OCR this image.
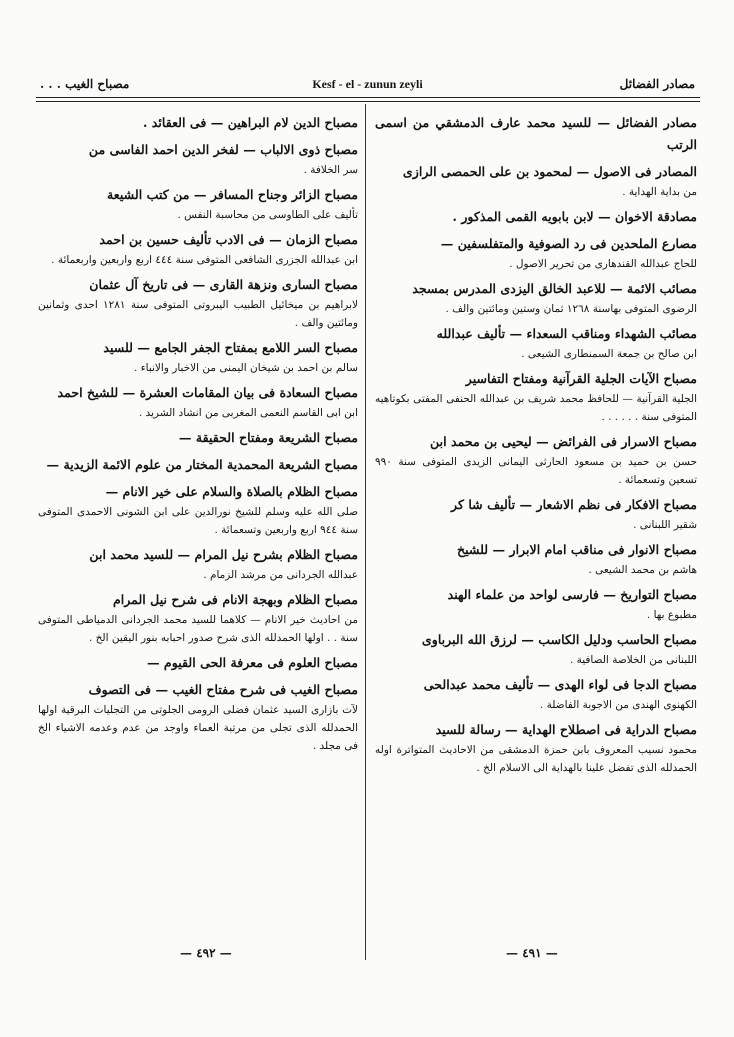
مصباح الغيب . . .	Kesf - el - zunun zeyli	مصادر الفضائل
مصادر الفضائل — للسيد محمد عارف الدمشقي من اسمى الرتب
المصادر فى الاصول — لمحمود بن على الحمصى الرازى
من بداية الهداية .
مصادقة الاخوان — لابن بابويه القمى المذكور .
مصارع الملحدين فى رد الصوفية والمتفلسفين —
للحاج عبدالله القندهارى من تحرير الاصول .
مصائب الائمة — للاعبد الخالق اليزدى المدرس بمسجد
الرضوى المتوفى بهاسنة ١٢٦٨ ثمان وستين ومائتين والف .
مصائب الشهداء ومناقب السعداء — تأليف عبدالله
ابن صالح بن جمعة السمنطارى الشيعى .
مصباح الآيات الجلية القرآنية ومفتاح التفاسير
الجلية القرآنية — للحافظ محمد شريف بن عبدالله الحنفى المفتى بكوتاهيه المتوفى سنة . . . . . .
مصباح الاسرار فى الفرائض — ليحيى بن محمد ابن
حسن بن حميد بن مسعود الحارثى اليمانى الزيدى المتوفى سنة ٩٩٠ تسعين وتسعمائة .
مصباح الافكار فى نظم الاشعار — تأليف شا كر
شقير اللبنانى .
مصباح الانوار فى مناقب امام الابرار — للشيخ
هاشم بن محمد الشيعى .
مصباح التواريخ — فارسى لواحد من علماء الهند
مطبوع بها .
مصباح الحاسب ودليل الكاسب — لرزق الله البرباوى
اللبنانى من الخلاصة الصافية .
مصباح الدجا فى لواء الهدى — تأليف محمد عبدالحى
الكهنوى الهندى من الاجوبة الفاضلة .
مصباح الدراية فى اصطلاح الهداية — رسالة للسيد
محمود نسيب المعروف بابن حمزة الدمشقى من الاحاديث المتواترة اوله الحمدلله الذى تفضل علينا بالهداية الى الاسلام الخ .
مصباح الدين لام البراهين — فى العقائد .
مصباح ذوى الالباب — لفخر الدين احمد الفاسى من
سر الخلافة .
مصباح الزائر وجناح المسافر — من كتب الشيعة
تأليف على الطاوسى من محاسبة النفس .
مصباح الزمان — فى الادب تأليف حسين بن احمد
ابن عبدالله الجزرى الشافعى المتوفى سنة ٤٤٤ اربع واربعين واربعمائة .
مصباح السارى ونزهة القارى — فى تاريخ آل عثمان
لابراهيم بن ميخائيل الطبيب اليبروتى المتوفى سنة ١٢٨١ احدى وثمانين ومائتين والف .
مصباح السر اللامع بمفتاح الجفر الجامع — للسيد
سالم بن احمد بن شيخان اليمنى من الاخبار والانباء .
مصباح السعادة فى بيان المقامات العشرة — للشيخ احمد
ابن ابى القاسم النعمى المغربى من انشاد الشريد .
مصباح الشريعة ومفتاح الحقيقة —
مصباح الشريعة المحمدية المختار من علوم الائمة الزيدية —
مصباح الظلام بالصلاة والسلام على خير الانام —
صلى الله عليه وسلم للشيخ نورالدين على ابن الشونى الاحمدى المتوفى سنة ٩٤٤ اربع واربعين وتسعمائة .
مصباح الظلام بشرح نيل المرام — للسيد محمد ابن
عبدالله الجردانى من مرشد الزمام .
مصباح الظلام وبهجة الانام فى شرح نيل المرام
من احاديث خير الانام — كلاهما للسيد محمد الجردانى الدمياطى المتوفى سنة . . اولها الحمدلله الذى شرح صدور احبابه بنور اليقين الخ .
مصباح العلوم فى معرفة الحى القيوم —
مصباح الغيب فى شرح مفتاح الغيب — فى التصوف
لآت بازارى السيد عثمان فضلى الرومى الجلوتى من التجليات البرقية اولها الحمدلله الذى تجلى من مرتبة العماء واوجد من عدم وعدمه الاشياء الخ فى مجلد .
— ٤٩٢ —	— ٤٩١ —
